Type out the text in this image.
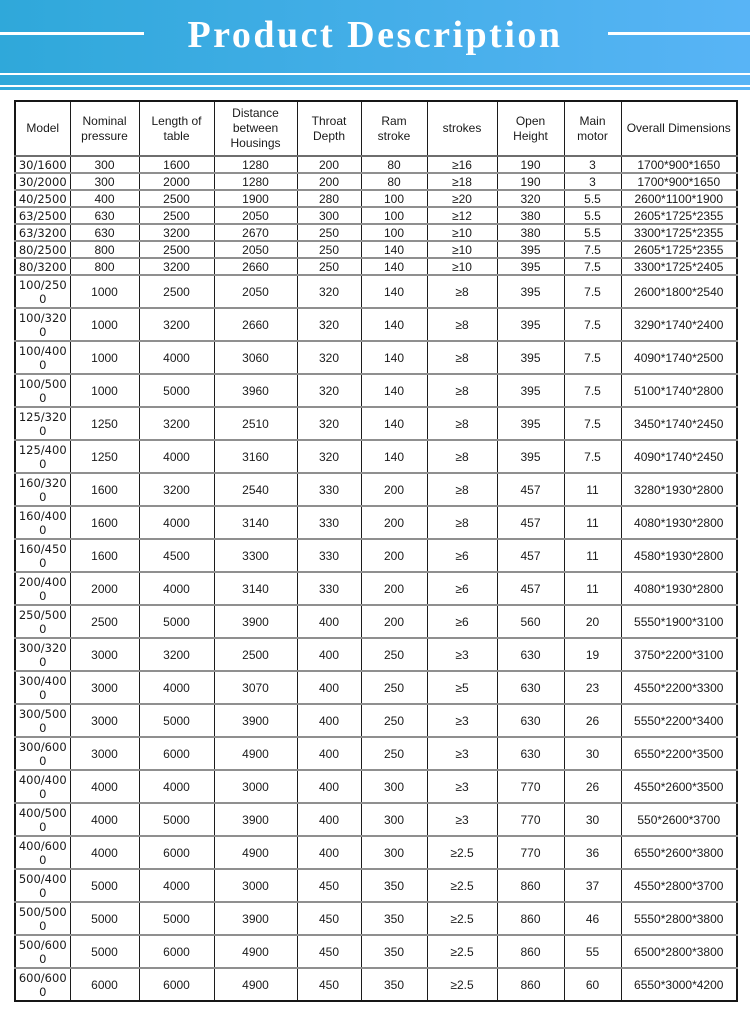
Product Description
Model	Nominal pressure	Length of table	Distance between Housings	Throat Depth	Ram stroke	strokes	Open Height	Main motor	Overall Dimensions
30/1600	300	1600	1280	200	80	≥16	190	3	1700*900*1650
30/2000	300	2000	1280	200	80	≥18	190	3	1700*900*1650
40/2500	400	2500	1900	280	100	≥20	320	5.5	2600*1100*1900
63/2500	630	2500	2050	300	100	≥12	380	5.5	2605*1725*2355
63/3200	630	3200	2670	250	100	≥10	380	5.5	3300*1725*2355
80/2500	800	2500	2050	250	140	≥10	395	7.5	2605*1725*2355
80/3200	800	3200	2660	250	140	≥10	395	7.5	3300*1725*2405
100/2500	1000	2500	2050	320	140	≥8	395	7.5	2600*1800*2540
100/3200	1000	3200	2660	320	140	≥8	395	7.5	3290*1740*2400
100/4000	1000	4000	3060	320	140	≥8	395	7.5	4090*1740*2500
100/5000	1000	5000	3960	320	140	≥8	395	7.5	5100*1740*2800
125/3200	1250	3200	2510	320	140	≥8	395	7.5	3450*1740*2450
125/4000	1250	4000	3160	320	140	≥8	395	7.5	4090*1740*2450
160/3200	1600	3200	2540	330	200	≥8	457	11	3280*1930*2800
160/4000	1600	4000	3140	330	200	≥8	457	11	4080*1930*2800
160/4500	1600	4500	3300	330	200	≥6	457	11	4580*1930*2800
200/4000	2000	4000	3140	330	200	≥6	457	11	4080*1930*2800
250/5000	2500	5000	3900	400	200	≥6	560	20	5550*1900*3100
300/3200	3000	3200	2500	400	250	≥3	630	19	3750*2200*3100
300/4000	3000	4000	3070	400	250	≥5	630	23	4550*2200*3300
300/5000	3000	5000	3900	400	250	≥3	630	26	5550*2200*3400
300/6000	3000	6000	4900	400	250	≥3	630	30	6550*2200*3500
400/4000	4000	4000	3000	400	300	≥3	770	26	4550*2600*3500
400/5000	4000	5000	3900	400	300	≥3	770	30	550*2600*3700
400/6000	4000	6000	4900	400	300	≥2.5	770	36	6550*2600*3800
500/4000	5000	4000	3000	450	350	≥2.5	860	37	4550*2800*3700
500/5000	5000	5000	3900	450	350	≥2.5	860	46	5550*2800*3800
500/6000	5000	6000	4900	450	350	≥2.5	860	55	6500*2800*3800
600/6000	6000	6000	4900	450	350	≥2.5	860	60	6550*3000*4200
